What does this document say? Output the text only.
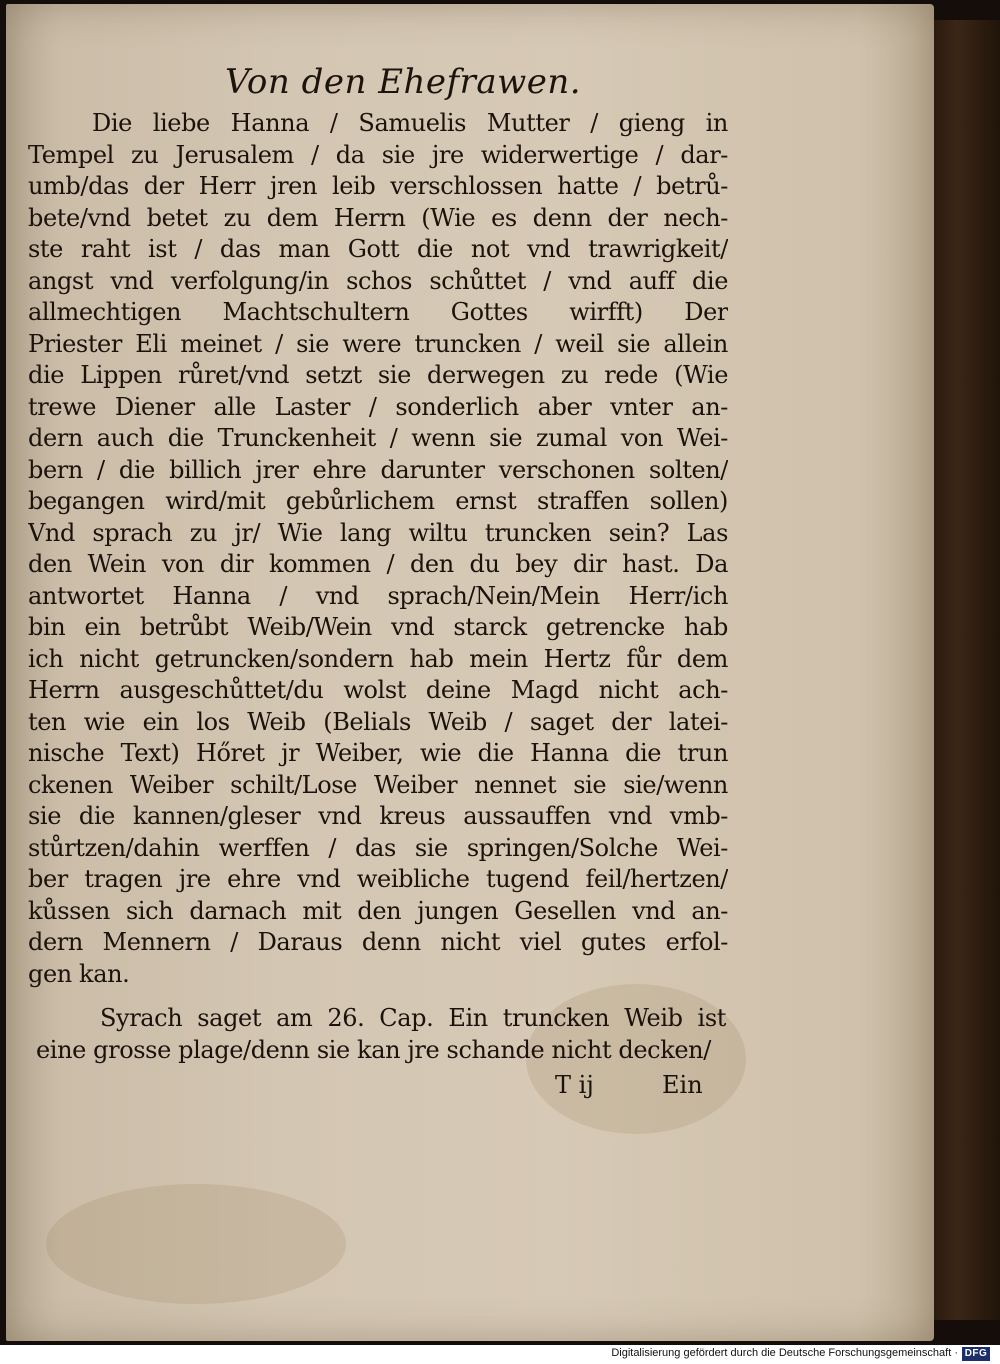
Von den Ehefrawen.
Die liebe Hanna / Samuelis Mutter / gieng in
Tempel zu Jerusalem / da sie jre widerwertige / dar-
umb/das der Herr jren leib verschlossen hatte / betrů-
bete/vnd betet zu dem Herrn (Wie es denn der nech-
ste raht ist / das man Gott die not vnd trawrigkeit/
angst vnd verfolgung/in schos schůttet / vnd auff die
allmechtigen Machtschultern Gottes wirfft) Der
Priester Eli meinet / sie were truncken / weil sie allein
die Lippen růret/vnd setzt sie derwegen zu rede (Wie
trewe Diener alle Laster / sonderlich aber vnter an-
dern auch die Trunckenheit / wenn sie zumal von Wei-
bern / die billich jrer ehre darunter verschonen solten/
begangen wird/mit gebůrlichem ernst straffen sollen)
Vnd sprach zu jr/ Wie lang wiltu truncken sein? Las
den Wein von dir kommen / den du bey dir hast. Da
antwortet Hanna / vnd sprach/Nein/Mein Herr/ich
bin ein betrůbt Weib/Wein vnd starck getrencke hab
ich nicht getruncken/sondern hab mein Hertz fůr dem
Herrn ausgeschůttet/du wolst deine Magd nicht ach-
ten wie ein los Weib (Belials Weib / saget der latei-
nische Text) Hőret jr Weiber, wie die Hanna die trun
ckenen Weiber schilt/Lose Weiber nennet sie sie/wenn
sie die kannen/gleser vnd kreus aussauffen vnd vmb-
stůrtzen/dahin werffen / das sie springen/Solche Wei-
ber tragen jre ehre vnd weibliche tugend feil/hertzen/
kůssen sich darnach mit den jungen Gesellen vnd an-
dern Mennern / Daraus denn nicht viel gutes erfol-
gen kan.
Syrach saget am 26. Cap. Ein truncken Weib ist
eine grosse plage/denn sie kan jre schande nicht decken/
T ij	Ein
Digitalisierung gefördert durch die Deutsche Forschungsgemeinschaft · DFG
